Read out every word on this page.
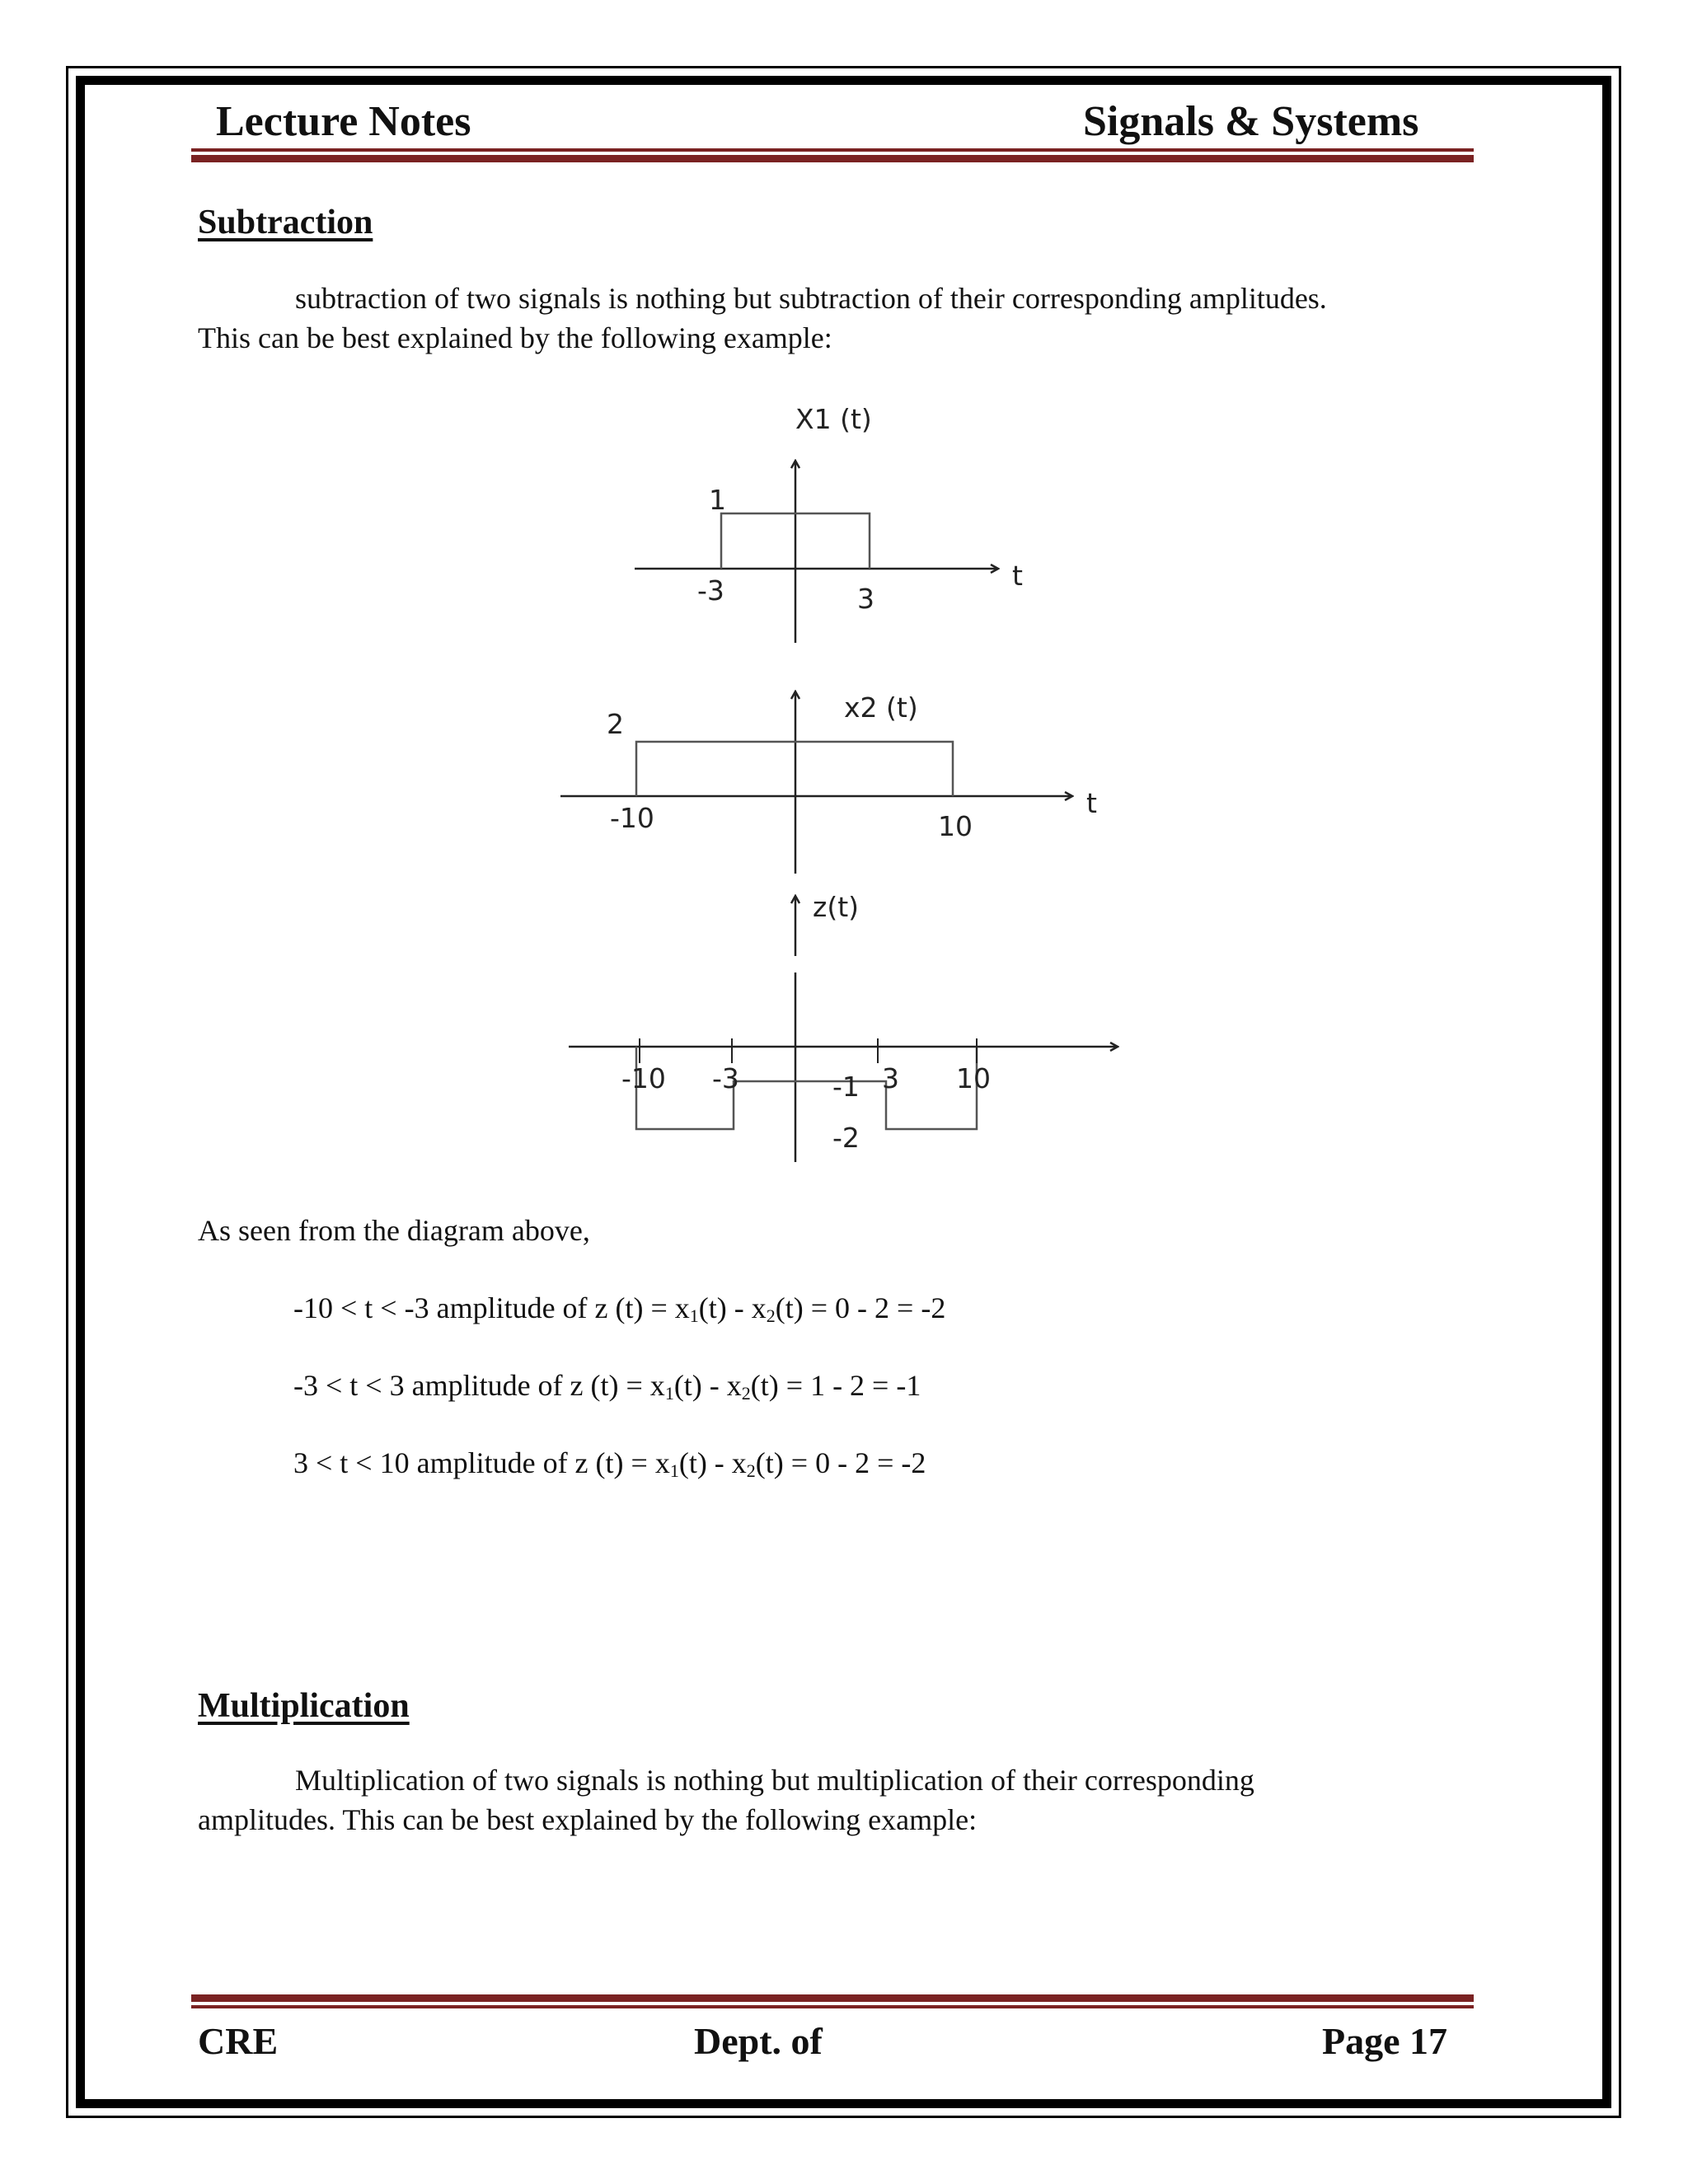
Lecture Notes	Signals & Systems
Subtraction
subtraction of two signals is nothing but subtraction of their corresponding amplitudes.
This can be best explained by the following example:
X1 (t)
t
1
-3	3
x2 (t)
t
2
-10	10
z(t)
-10 -3	3 10
-1
-2
As seen from the diagram above,
-10 < t < -3 amplitude of z $(t) = x_1(t) - x_2(t) = 0 - 2 = -2$
-3 < t < 3 amplitude of z $(t) = x_1(t) - x_2(t) = 1 - 2 = -1$
3 < t < 10 amplitude of z $(t) = x_1(t) - x_2(t) = 0 - 2 = -2$
Multiplication
Multiplication of two signals is nothing but multiplication of their corresponding
amplitudes. This can be best explained by the following example:
CRE	Dept. of	Page 17
